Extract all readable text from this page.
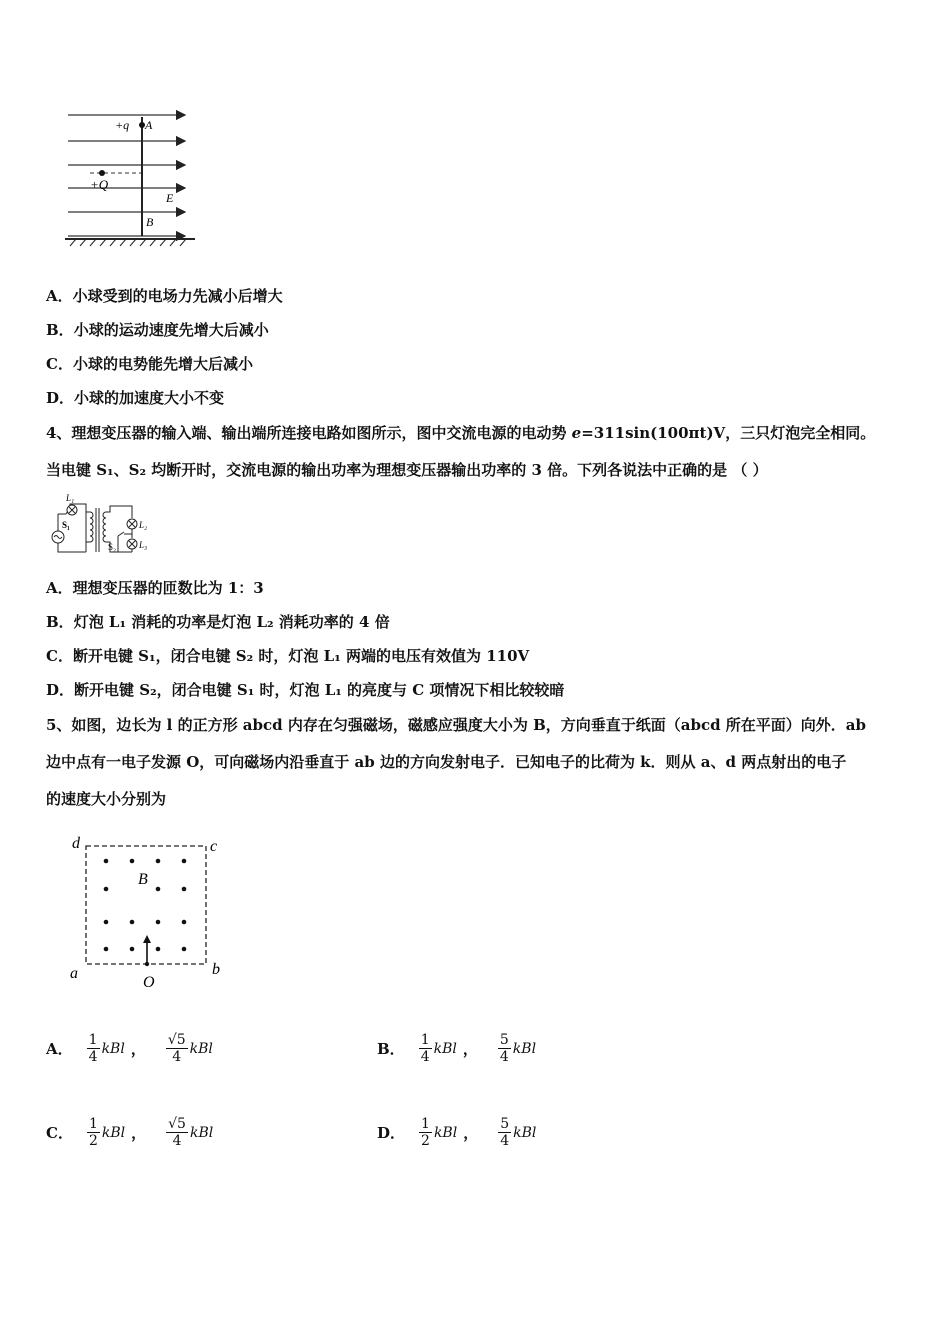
+q A
+Q
E
B
A．小球受到的电场力先减小后增大
B．小球的运动速度先增大后减小
C．小球的电势能先增大后减小
D．小球的加速度大小不变
4、理想变压器的输入端、输出端所连接电路如图所示，图中交流电源的电动势 e=311sin(100πt)V，三只灯泡完全相同。
当电键 S₁、S₂ 均断开时，交流电源的输出功率为理想变压器输出功率的 3 倍。下列各说法中正确的是 （ ）
L₁
S₁	L₂
L₃
S₂
A．理想变压器的匝数比为 1：3
B．灯泡 L₁ 消耗的功率是灯泡 L₂ 消耗功率的 4 倍
C．断开电键 S₁，闭合电键 S₂ 时，灯泡 L₁ 两端的电压有效值为 110V
D．断开电键 S₂，闭合电键 S₁ 时，灯泡 L₁ 的亮度与 C 项情况下相比较较暗
5、如图，边长为 l 的正方形 abcd 内存在匀强磁场，磁感应强度大小为 B，方向垂直于纸面（abcd 所在平面）向外．ab
边中点有一电子发源 O，可向磁场内沿垂直于 ab 边的方向发射电子．已知电子的比荷为 k．则从 a、d 两点射出的电子
的速度大小分别为
d	c
B
a	b
O
A． $\frac{1}{4}$ kBl ， $\frac{√5}{4}$ kBl	B． $\frac{1}{4}$ kBl ， $\frac{5}{4}$ kBl
C． $\frac{1}{2}$ kBl ， $\frac{√5}{4}$ kBl	D． $\frac{1}{2}$ kBl ， $\frac{5}{4}$ kBl
